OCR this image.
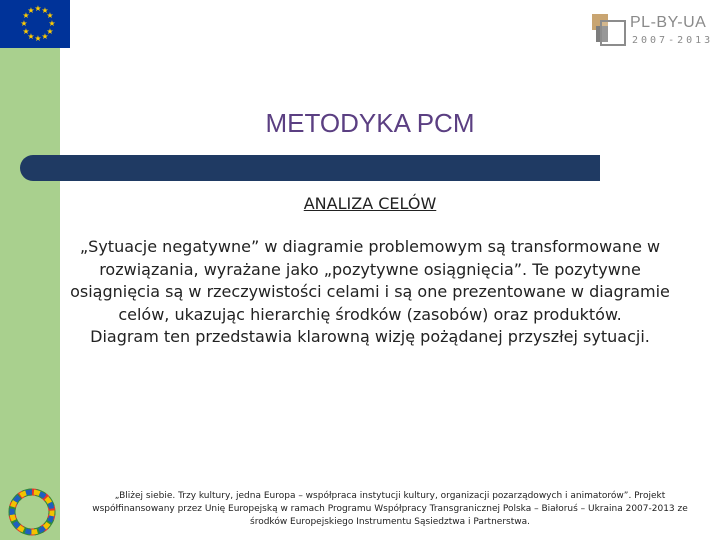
★ ★
★
★
★
★
★
★
★
★
★
★
PL-BY-UA
2007-2013
METODYKA PCM
ANALIZA CELÓW

„Sytuacje negatywne” w diagramie problemowym są transformowane w rozwiązania, wyrażane jako „pozytywne osiągnięcia”. Te pozytywne osiągnięcia są w rzeczywistości celami i są one prezentowane w diagramie celów, ukazując hierarchię środków (zasobów) oraz produktów.

Diagram ten przedstawia klarowną wizję pożądanej przyszłej sytuacji.

„Bliżej siebie. Trzy kultury, jedna Europa – współpraca instytucji kultury, organizacji pozarządowych i animatorów”. Projekt współfinansowany przez Unię Europejską w ramach Programu Współpracy Transgranicznej Polska – Białoruś – Ukraina 2007-2013 ze środków Europejskiego Instrumentu Sąsiedztwa i Partnerstwa.
